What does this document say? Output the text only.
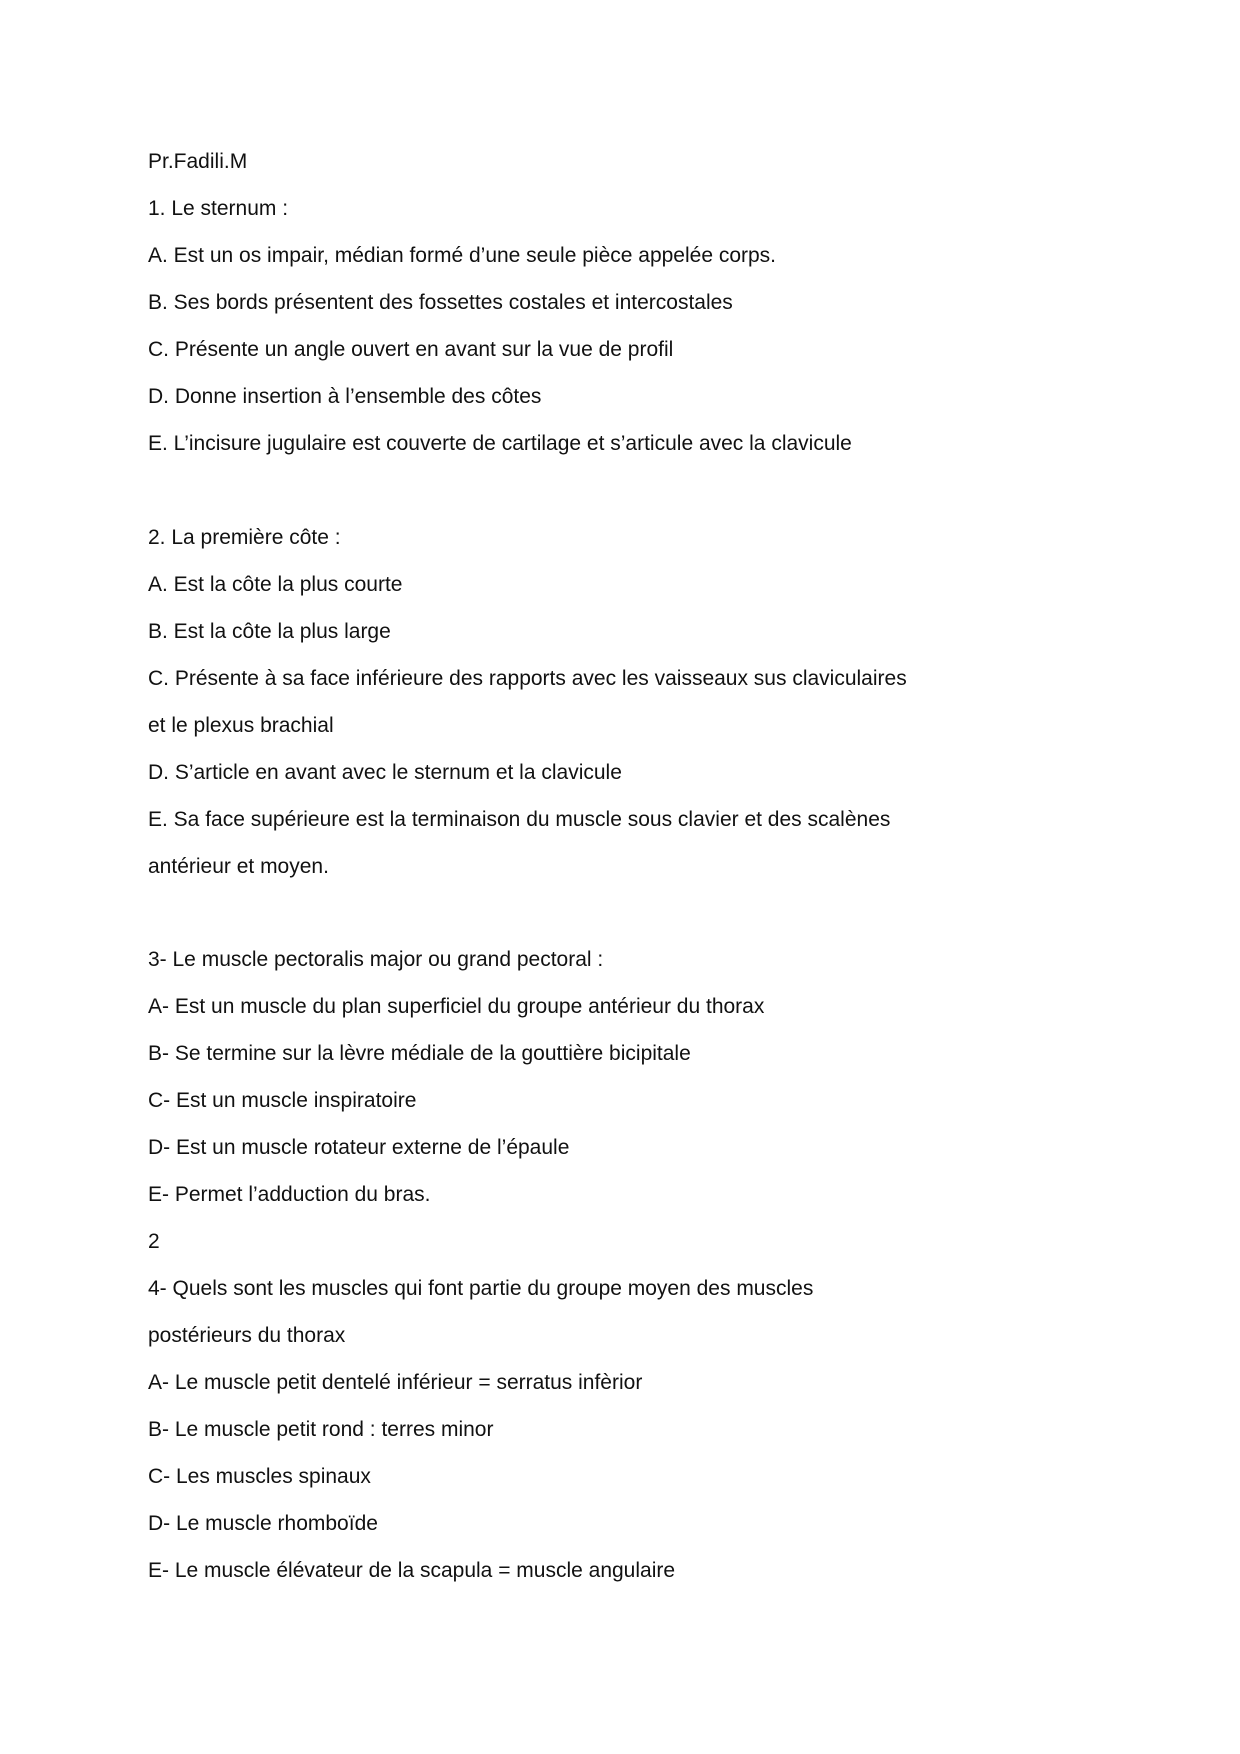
Pr.Fadili.M
1. Le sternum :
A. Est un os impair, médian formé d’une seule pièce appelée corps.
B. Ses bords présentent des fossettes costales et intercostales
C. Présente un angle ouvert en avant sur la vue de profil
D. Donne insertion à l’ensemble des côtes
E. L’incisure jugulaire est couverte de cartilage et s’articule avec la clavicule
2. La première côte :
A. Est la côte la plus courte
B. Est la côte la plus large
C. Présente à sa face inférieure des rapports avec les vaisseaux sus claviculaires
et le plexus brachial
D. S’article en avant avec le sternum et la clavicule
E. Sa face supérieure est la terminaison du muscle sous clavier et des scalènes
antérieur et moyen.
3- Le muscle pectoralis major ou grand pectoral :
A- Est un muscle du plan superficiel du groupe antérieur du thorax
B- Se termine sur la lèvre médiale de la gouttière bicipitale
C- Est un muscle inspiratoire
D- Est un muscle rotateur externe de l’épaule
E- Permet l’adduction du bras.
2
4- Quels sont les muscles qui font partie du groupe moyen des muscles
postérieurs du thorax
A- Le muscle petit dentelé inférieur = serratus infèrior
B- Le muscle petit rond : terres minor
C- Les muscles spinaux
D- Le muscle rhomboïde
E- Le muscle élévateur de la scapula = muscle angulaire
